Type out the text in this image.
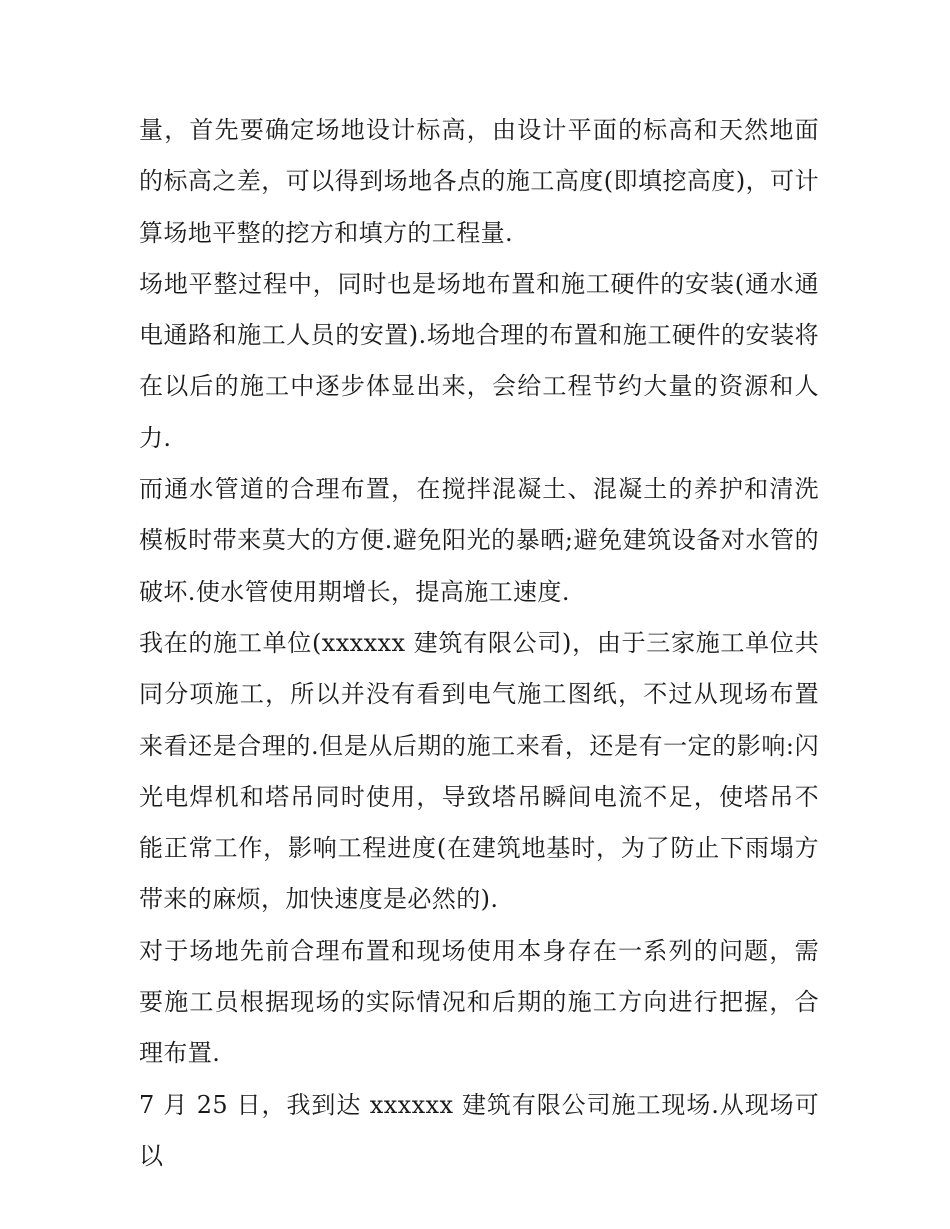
量，首先要确定场地设计标高，由设计平面的标高和天然地面的标高之差，可以得到场地各点的施工高度(即填挖高度)，可计算场地平整的挖方和填方的工程量.

场地平整过程中，同时也是场地布置和施工硬件的安装(通水通电通路和施工人员的安置).场地合理的布置和施工硬件的安装将在以后的施工中逐步体显出来，会给工程节约大量的资源和人力.

而通水管道的合理布置，在搅拌混凝土、混凝土的养护和清洗模板时带来莫大的方便.避免阳光的暴晒;避免建筑设备对水管的破坏.使水管使用期增长，提高施工速度.

我在的施工单位(xxxxxx 建筑有限公司)，由于三家施工单位共同分项施工，所以并没有看到电气施工图纸，不过从现场布置来看还是合理的.但是从后期的施工来看，还是有一定的影响:闪光电焊机和塔吊同时使用，导致塔吊瞬间电流不足，使塔吊不能正常工作，影响工程进度(在建筑地基时，为了防止下雨塌方带来的麻烦，加快速度是必然的).

对于场地先前合理布置和现场使用本身存在一系列的问题，需要施工员根据现场的实际情况和后期的施工方向进行把握，合理布置.

7 月 25 日，我到达 xxxxxx 建筑有限公司施工现场.从现场可以
